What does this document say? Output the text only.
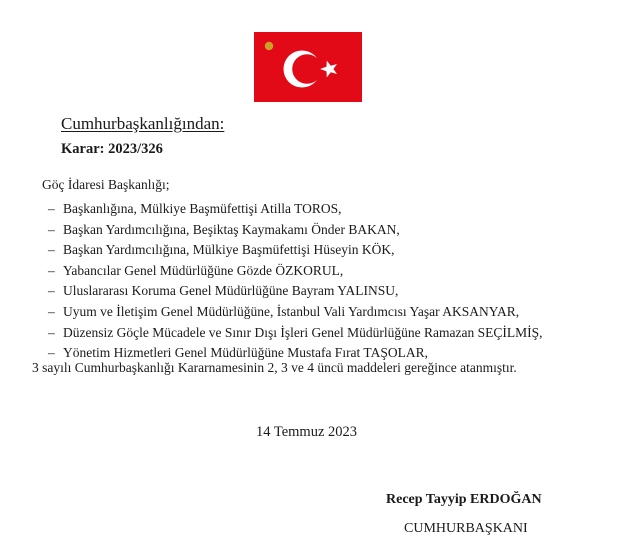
Cumhurbaşkanlığından:
Karar: 2023/326
Göç İdaresi Başkanlığı;
– Başkanlığına, Mülkiye Başmüfettişi Atilla TOROS,
– Başkan Yardımcılığına, Beşiktaş Kaymakamı Önder BAKAN,
– Başkan Yardımcılığına, Mülkiye Başmüfettişi Hüseyin KÖK,
– Yabancılar Genel Müdürlüğüne Gözde ÖZKORUL,
– Uluslararası Koruma Genel Müdürlüğüne Bayram YALINSU,
– Uyum ve İletişim Genel Müdürlüğüne, İstanbul Vali Yardımcısı Yaşar AKSANYAR,
– Düzensiz Göçle Mücadele ve Sınır Dışı İşleri Genel Müdürlüğüne Ramazan SEÇİLMİŞ,
– Yönetim Hizmetleri Genel Müdürlüğüne Mustafa Fırat TAŞOLAR,
3 sayılı Cumhurbaşkanlığı Kararnamesinin 2, 3 ve 4 üncü maddeleri gereğince atanmıştır.
14 Temmuz 2023
Recep Tayyip ERDOĞAN
CUMHURBAŞKANI
